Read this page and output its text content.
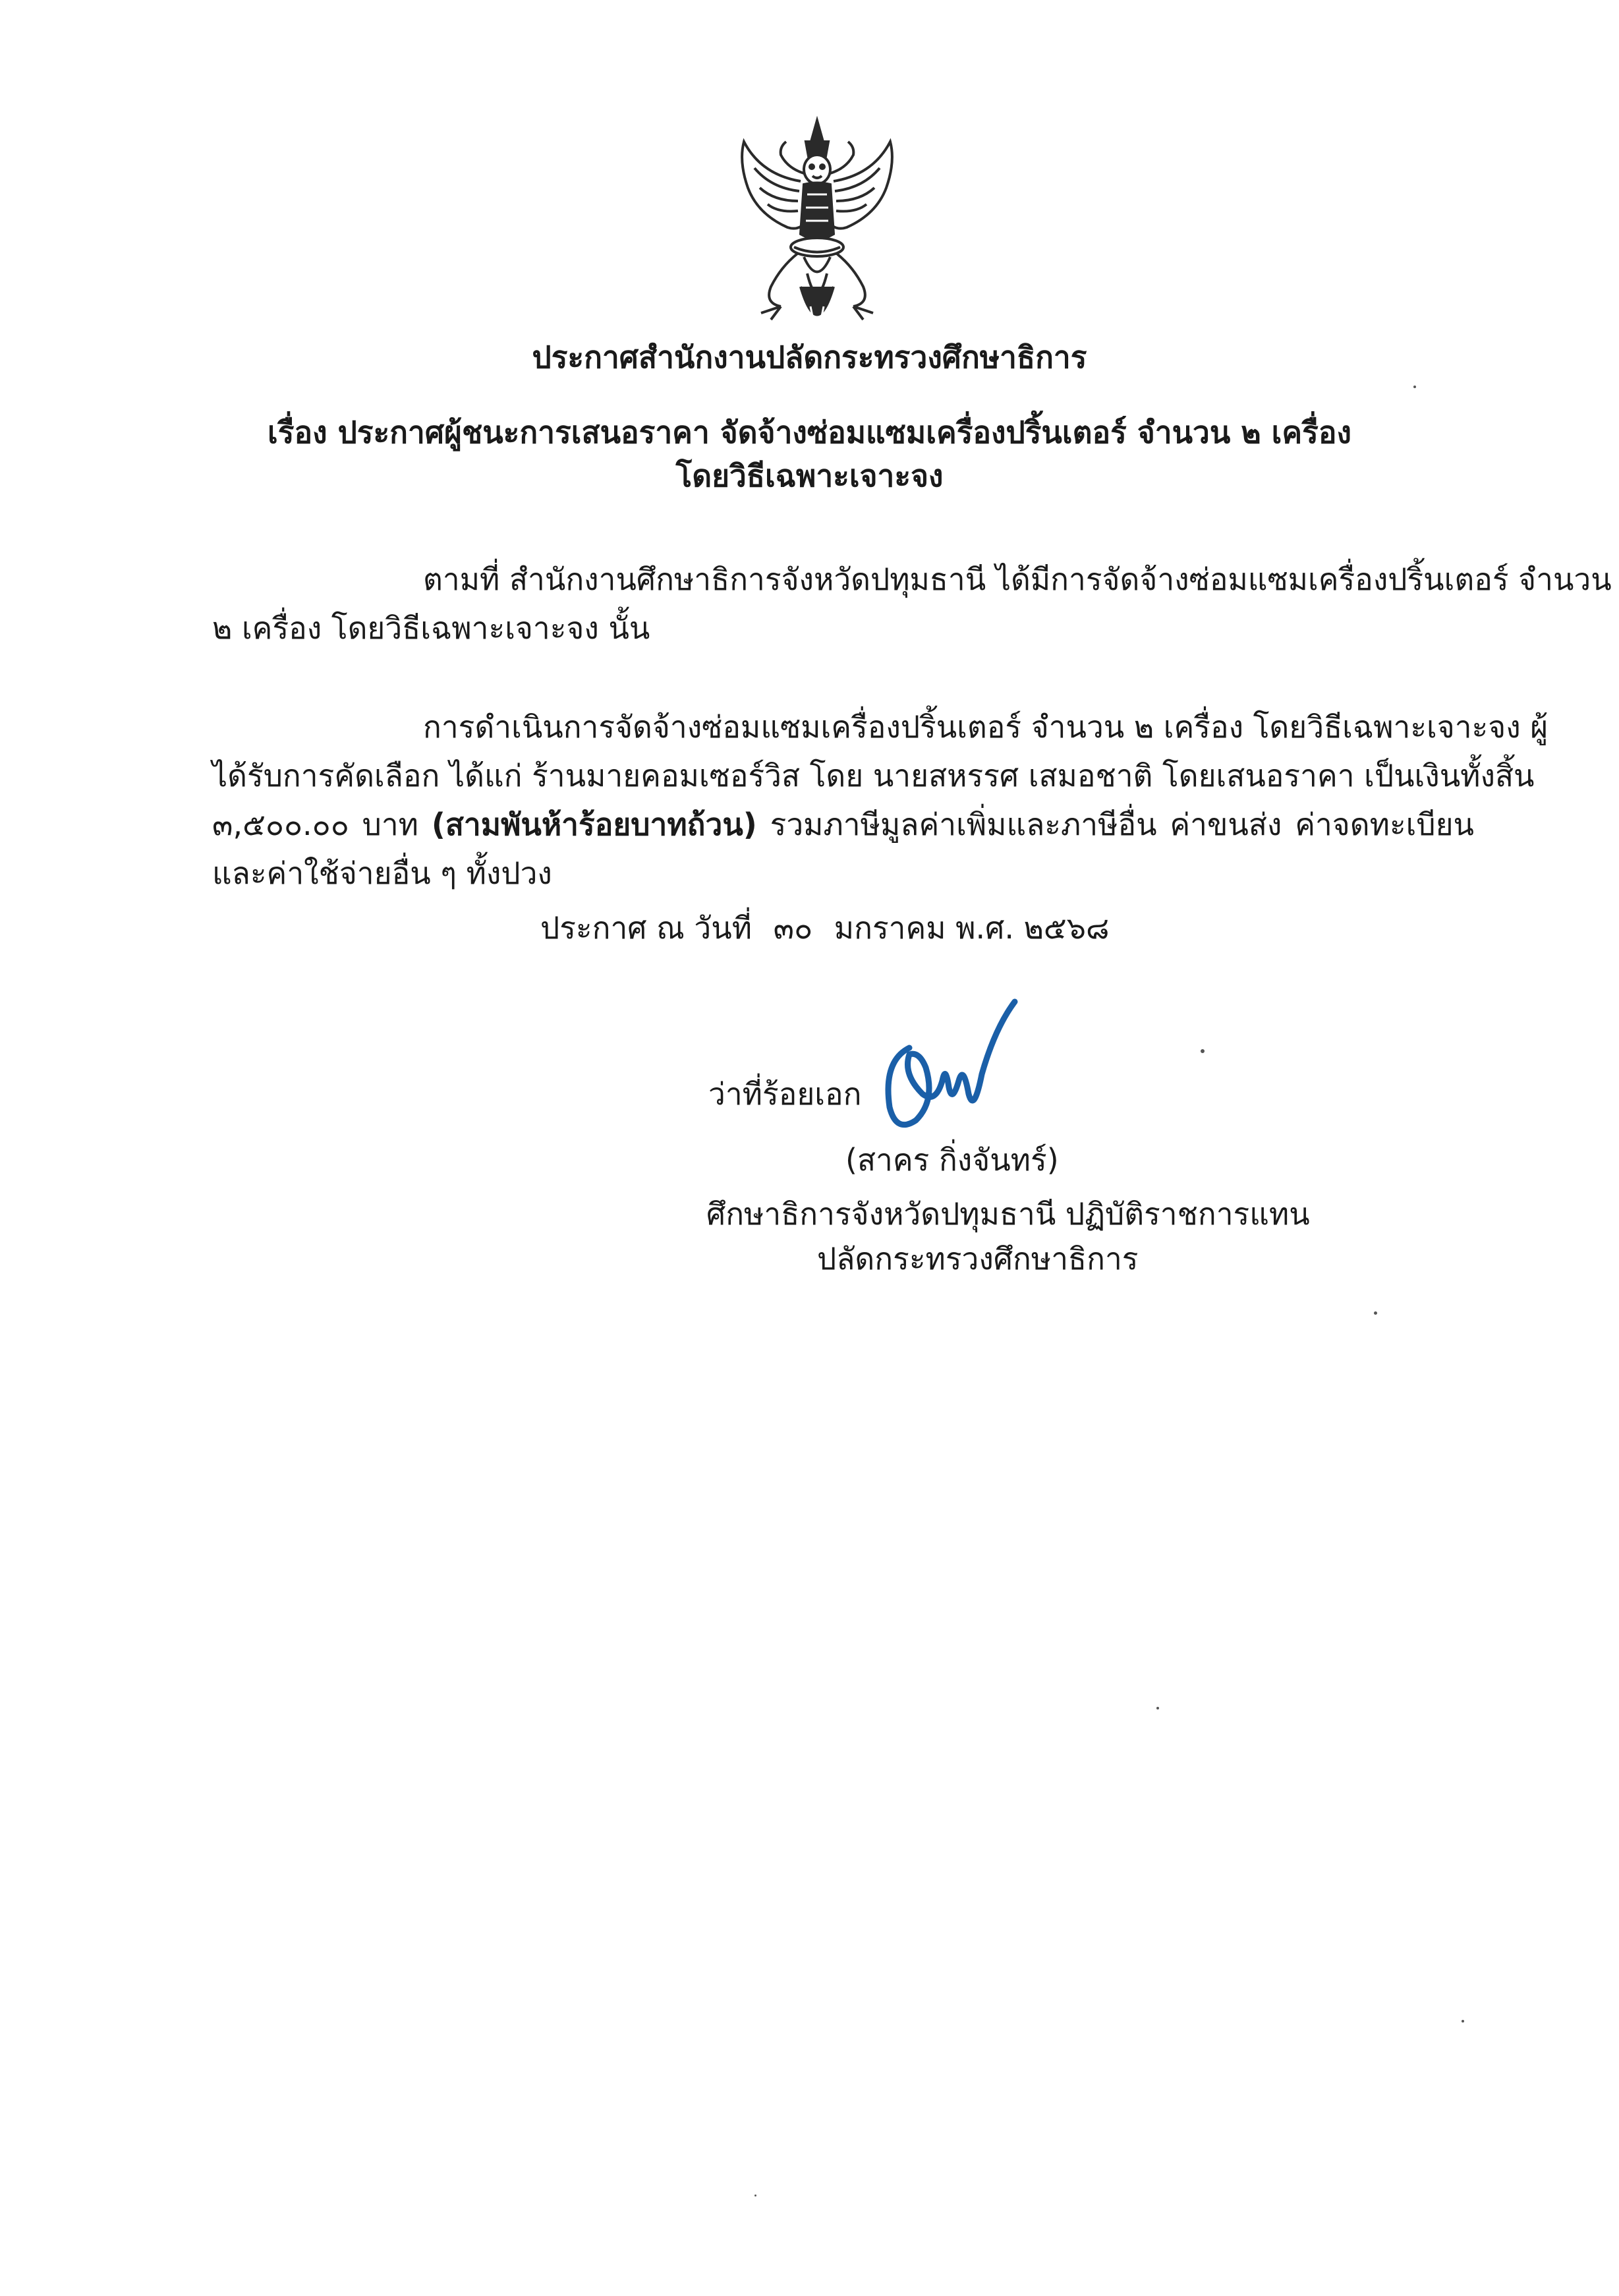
ประกาศสำนักงานปลัดกระทรวงศึกษาธิการ
เรื่อง ประกาศผู้ชนะการเสนอราคา จัดจ้างซ่อมแซมเครื่องปริ้นเตอร์ จำนวน ๒ เครื่อง
โดยวิธีเฉพาะเจาะจง
ตามที่ สำนักงานศึกษาธิการจังหวัดปทุมธานี ได้มีการจัดจ้างซ่อมแซมเครื่องปริ้นเตอร์ จำนวน
๒ เครื่อง โดยวิธีเฉพาะเจาะจง นั้น
การดำเนินการจัดจ้างซ่อมแซมเครื่องปริ้นเตอร์ จำนวน ๒ เครื่อง โดยวิธีเฉพาะเจาะจง ผู้
ได้รับการคัดเลือก ได้แก่ ร้านมายคอมเซอร์วิส โดย นายสหรรศ เสมอชาติ โดยเสนอราคา เป็นเงินทั้งสิ้น
๓,๕๐๐.๐๐ บาท (สามพันห้าร้อยบาทถ้วน) รวมภาษีมูลค่าเพิ่มและภาษีอื่น ค่าขนส่ง ค่าจดทะเบียน
และค่าใช้จ่ายอื่น ๆ ทั้งปวง
ประกาศ ณ วันที่ ๓๐ มกราคม พ.ศ. ๒๕๖๘
ว่าที่ร้อยเอก
(สาคร กิ่งจันทร์)
ศึกษาธิการจังหวัดปทุมธานี ปฏิบัติราชการแทน
ปลัดกระทรวงศึกษาธิการ
